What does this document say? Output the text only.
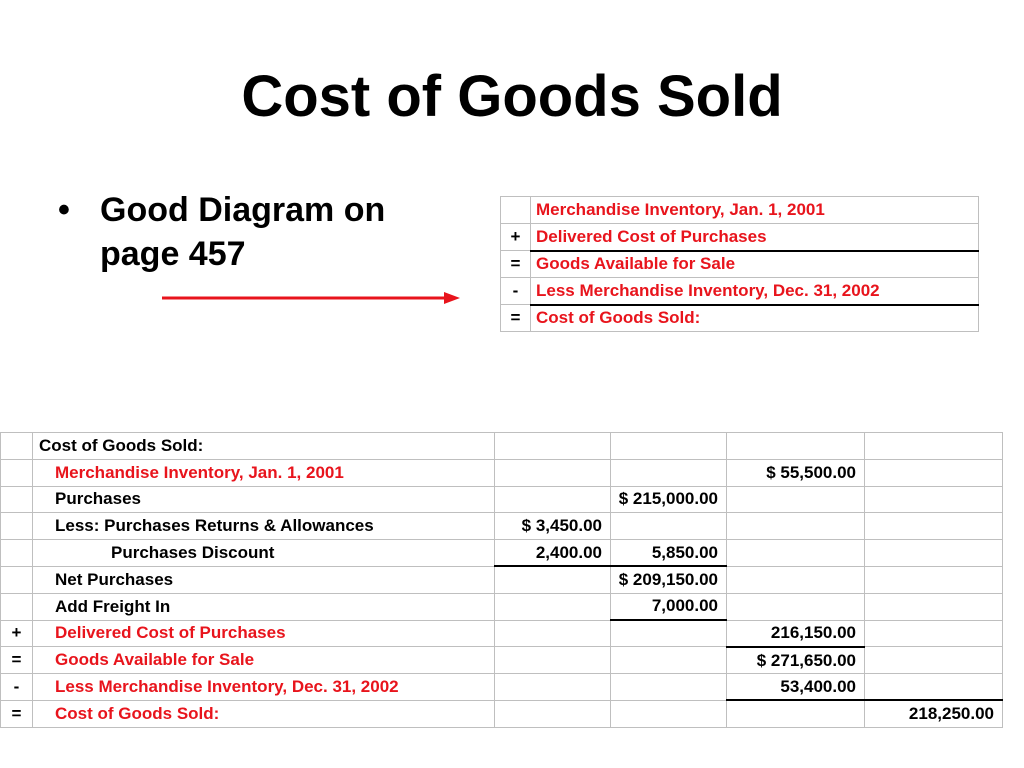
Cost of Goods Sold
• Good Diagram on page 457
	Merchandise Inventory, Jan. 1, 2001
+	Delivered Cost of Purchases
=	Goods Available for Sale
-	Less Merchandise Inventory, Dec. 31, 2002
=	Cost of Goods Sold:
	Cost of Goods Sold:				
	Merchandise Inventory, Jan. 1, 2001			$ 55,500.00	
	Purchases		$ 215,000.00		
	Less: Purchases Returns & Allowances	$ 3,450.00			
	Purchases Discount	2,400.00	5,850.00		
	Net Purchases		$ 209,150.00		
	Add Freight In		7,000.00		
+	Delivered Cost of Purchases			216,150.00	
=	Goods Available for Sale			$ 271,650.00	
-	Less Merchandise Inventory, Dec. 31, 2002			53,400.00	
=	Cost of Goods Sold:				218,250.00
